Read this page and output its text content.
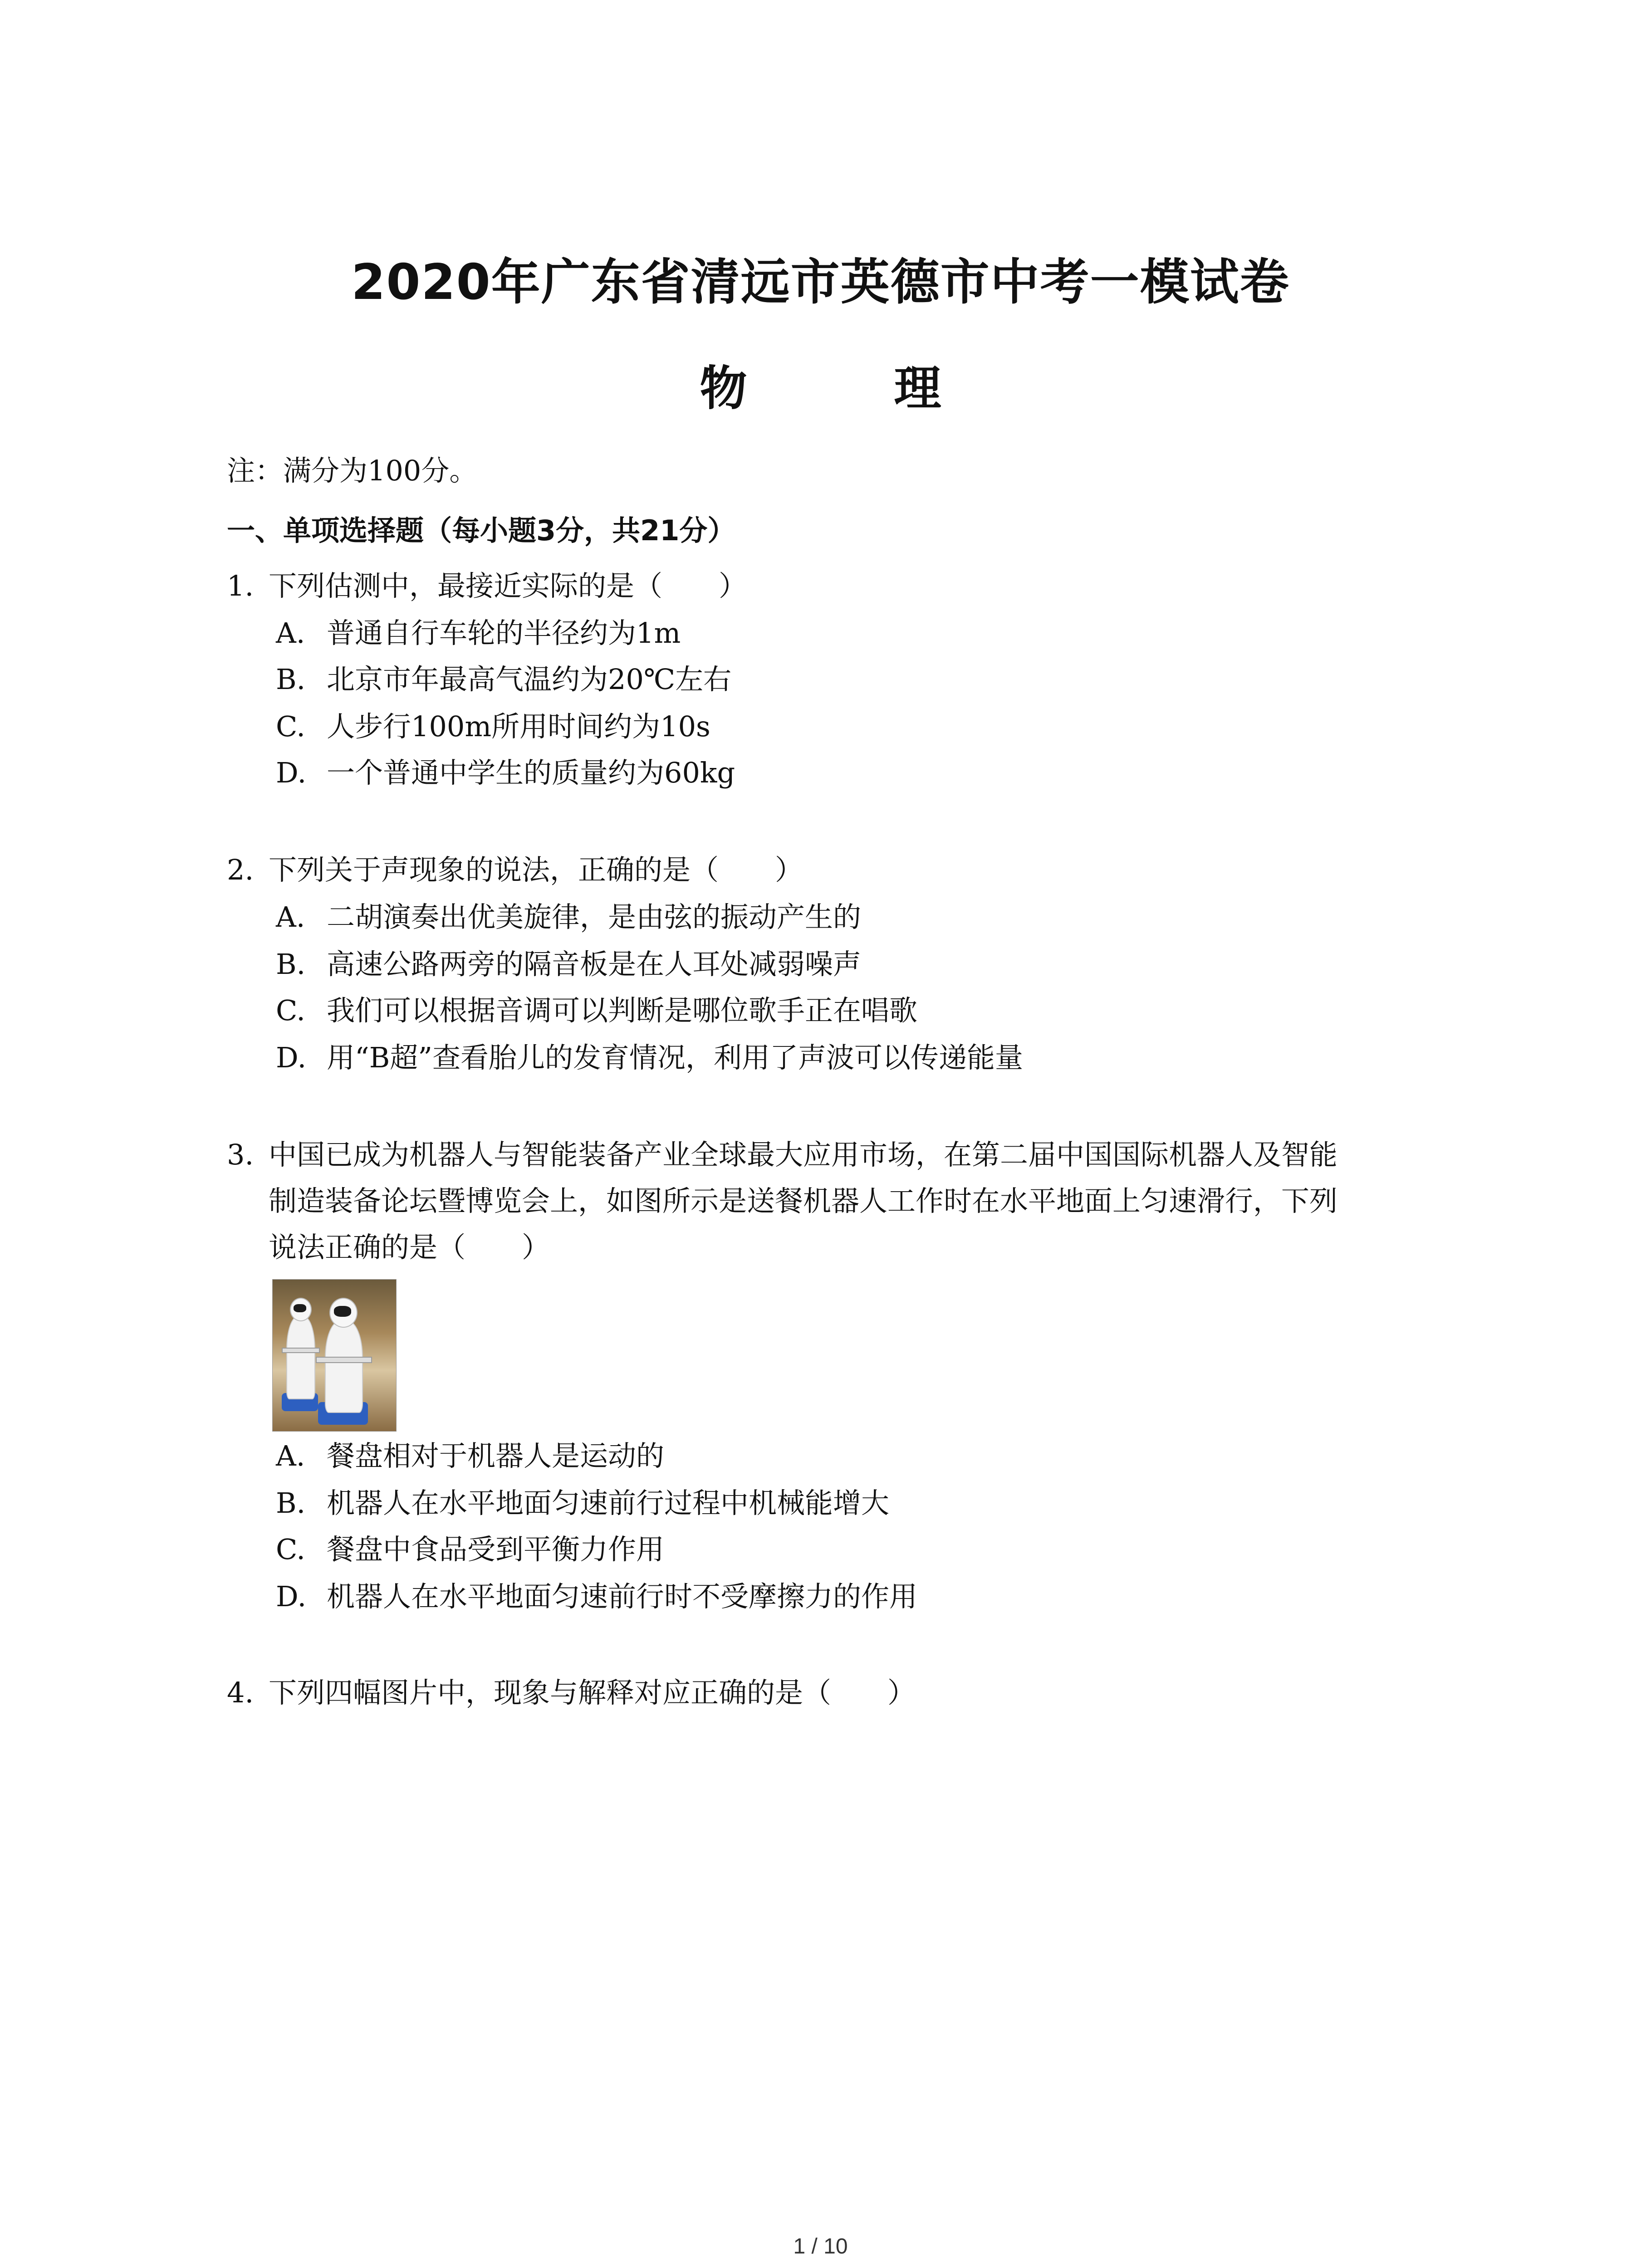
2020年广东省清远市英德市中考一模试卷
物　理
注：满分为100分。
一、单项选择题（每小题3分，共21分）
1. 下列估测中，最接近实际的是（　　）
A. 普通自行车轮的半径约为1m
B. 北京市年最高气温约为20℃左右
C. 人步行100m所用时间约为10s
D. 一个普通中学生的质量约为60kg
2. 下列关于声现象的说法，正确的是（　　）
A. 二胡演奏出优美旋律，是由弦的振动产生的
B. 高速公路两旁的隔音板是在人耳处减弱噪声
C. 我们可以根据音调可以判断是哪位歌手正在唱歌
D. 用“B超”查看胎儿的发育情况，利用了声波可以传递能量
3. 中国已成为机器人与智能装备产业全球最大应用市场，在第二届中国国际机器人及智能
制造装备论坛暨博览会上，如图所示是送餐机器人工作时在水平地面上匀速滑行，下列
说法正确的是（　　）
A. 餐盘相对于机器人是运动的
B. 机器人在水平地面匀速前行过程中机械能增大
C. 餐盘中食品受到平衡力作用
D. 机器人在水平地面匀速前行时不受摩擦力的作用
4. 下列四幅图片中，现象与解释对应正确的是（　　）
1 / 10
